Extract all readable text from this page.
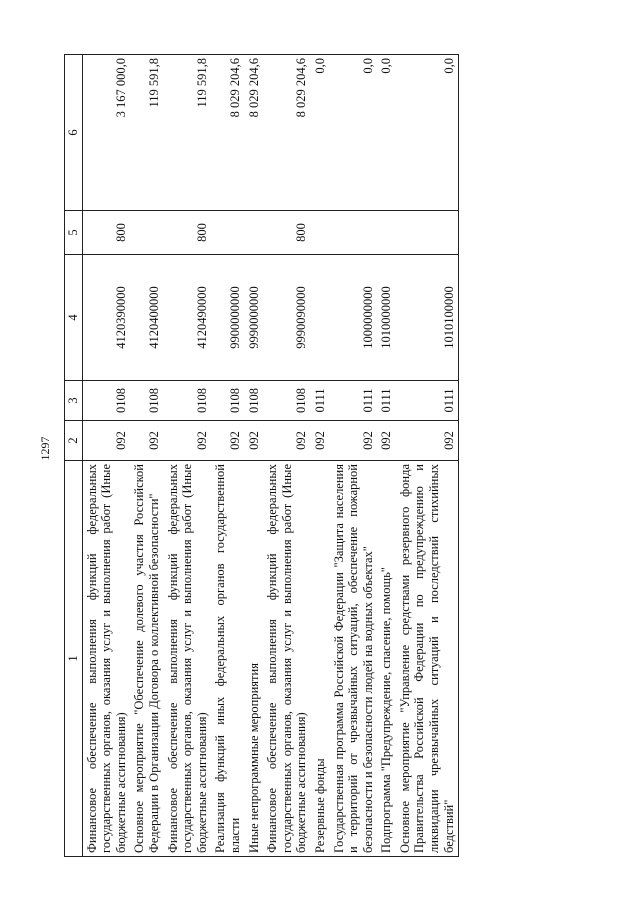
1297
1	2	3	4	5	6
Финансовое обеспечение выполнения функций федеральных государственных органов, оказания услуг и выполнения работ (Иные бюджетные ассигнования)	092	0108	4120390000	800	3 167 000,0
Основное мероприятие "Обеспечение долевого участия Российской Федерации в Организации Договора о коллективной безопасности"	092	0108	4120400000		119 591,8
Финансовое обеспечение выполнения функций федеральных государственных органов, оказания услуг и выполнения работ (Иные бюджетные ассигнования)	092	0108	4120490000	800	119 591,8
Реализация функций иных федеральных органов государственной власти	092	0108	9900000000		8 029 204,6
Иные непрограммные мероприятия	092	0108	9990000000		8 029 204,6
Финансовое обеспечение выполнения функций федеральных государственных органов, оказания услуг и выполнения работ (Иные бюджетные ассигнования)	092	0108	9990090000	800	8 029 204,6
Резервные фонды	092	0111			0,0
Государственная программа Российской Федерации "Защита населения и территорий от чрезвычайных ситуаций, обеспечение пожарной безопасности и безопасности людей на водных объектах"	092	0111	1000000000		0,0
Подпрограмма "Предупреждение, спасение, помощь"	092	0111	1010000000		0,0
Основное мероприятие "Управление средствами резервного фонда Правительства Российской Федерации по предупреждению и ликвидации чрезвычайных ситуаций и последствий стихийных бедствий"	092	0111	1010100000		0,0
